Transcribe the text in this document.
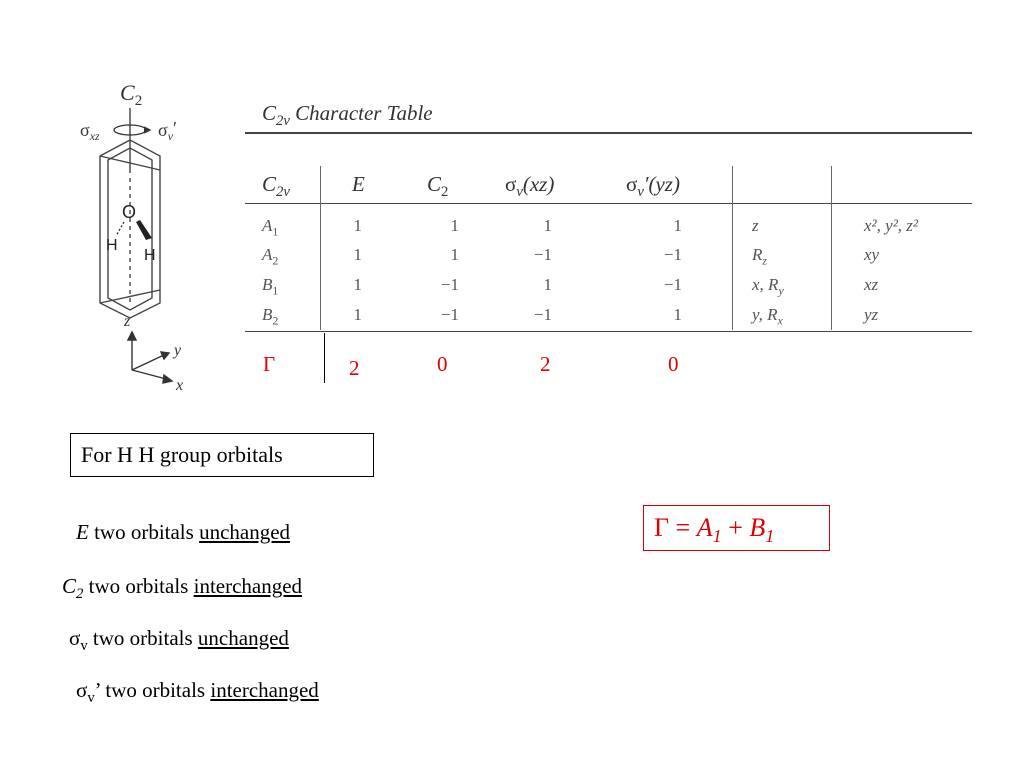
$C_2$
$\sigma_{xz}$	$\sigma_v'$
O
H
H
z
y
x
$C_{2v}$ Character Table
$C_{2v}$	E	$C_2$	$\sigma_v(xz)$	$\sigma_v'(yz)$
$A_1$	1	1	1	1	z	x², y², z²
$A_2$	1	1	−1	−1	$R_z$	xy
$B_1$	1	−1	1	−1	x, $R_y$	xz
$B_2$	1	−1	−1	1	y, $R_x$	yz
Γ	2	0	2	0
For H H group orbitals
$\Gamma = A_1 + B_1$
E two orbitals unchanged
$C_2$ two orbitals interchanged
$\sigma_v$ two orbitals unchanged
$\sigma_v$’ two orbitals interchanged
